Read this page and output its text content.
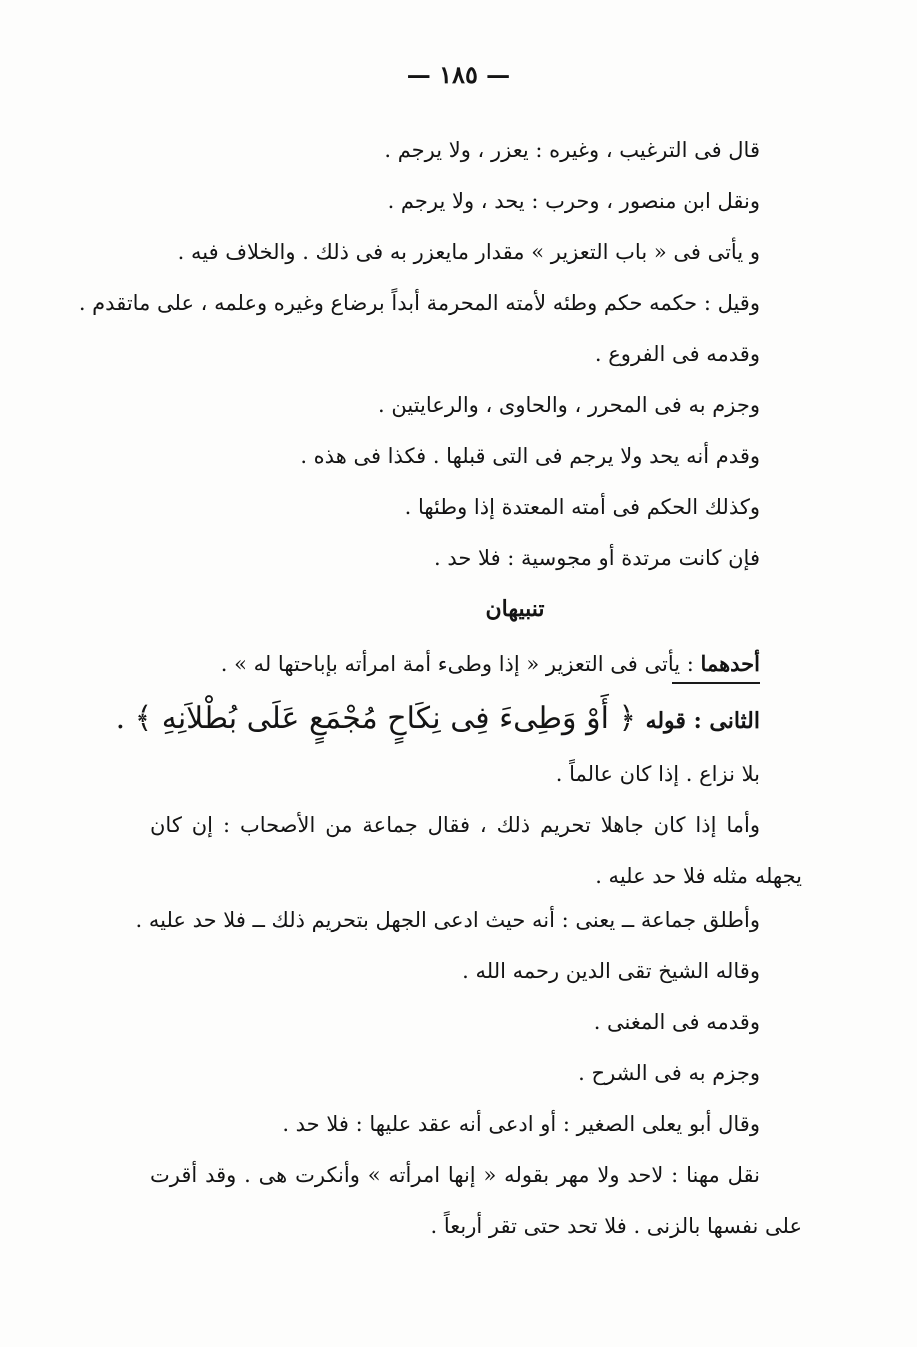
— ١٨٥ —
قال فى الترغيب ، وغيره : يعزر ، ولا يرجم .
ونقل ابن منصور ، وحرب : يحد ، ولا يرجم .
و يأتى فى « باب التعزير » مقدار مايعزر به فى ذلك . والخلاف فيه .
وقيل : حكمه حكم وطئه لأمته المحرمة أبداً برضاع وغيره وعلمه ، على ماتقدم .
وقدمه فى الفروع .
وجزم به فى المحرر ، والحاوى ، والرعايتين .
وقدم أنه يحد ولا يرجم فى التى قبلها . فكذا فى هذه .
وكذلك الحكم فى أمته المعتدة إذا وطئها .
فإن كانت مرتدة أو مجوسية : فلا حد .
تنبيهان
أحدهما : يأتى فى التعزير « إذا وطىء أمة امرأته بإباحتها له » .
الثانى : قوله ﴿ أَوْ وَطِىءَ فِى نِكَاحٍ مُجْمَعٍ عَلَى بُطْلاَنِهِ ﴾ .
بلا نزاع . إذا كان عالماً .
وأما إذا كان جاهلا تحريم ذلك ، فقال جماعة من الأصحاب : إن كان
يجهله مثله فلا حد عليه .
وأطلق جماعة ــ يعنى : أنه حيث ادعى الجهل بتحريم ذلك ــ فلا حد عليه .
وقاله الشيخ تقى الدين رحمه الله .
وقدمه فى المغنى .
وجزم به فى الشرح .
وقال أبو يعلى الصغير : أو ادعى أنه عقد عليها : فلا حد .
نقل مهنا : لاحد ولا مهر بقوله « إنها امرأته » وأنكرت هى . وقد أقرت
على نفسها بالزنى . فلا تحد حتى تقر أربعاً .
